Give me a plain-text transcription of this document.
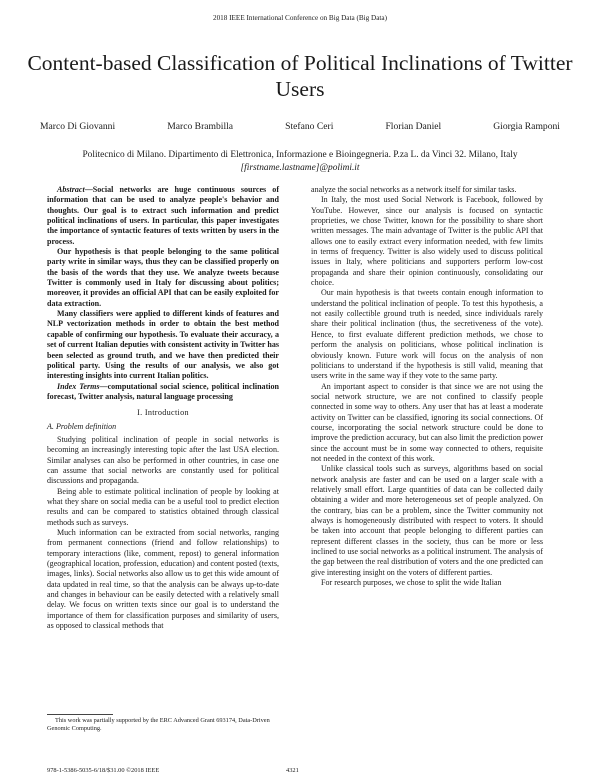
2018 IEEE International Conference on Big Data (Big Data)
Content-based Classification of Political Inclinations of Twitter Users
Marco Di Giovanni	Marco Brambilla	Stefano Ceri	Florian Daniel	Giorgia Ramponi
Politecnico di Milano. Dipartimento di Elettronica, Informazione e Bioingegneria. P.za L. da Vinci 32. Milano, Italy
[firstname.lastname]@polimi.it

Abstract—Social networks are huge continuous sources of information that can be used to analyze people's behavior and thoughts. Our goal is to extract such information and predict political inclinations of users. In particular, this paper investigates the importance of syntactic features of texts written by users in the process.

Our hypothesis is that people belonging to the same political party write in similar ways, thus they can be classified properly on the basis of the words that they use. We analyze tweets because Twitter is commonly used in Italy for discussing about politics; moreover, it provides an official API that can be easily exploited for data extraction.

Many classifiers were applied to different kinds of features and NLP vectorization methods in order to obtain the best method capable of confirming our hypothesis. To evaluate their accuracy, a set of current Italian deputies with consistent activity in Twitter has been selected as ground truth, and we have then predicted their political party. Using the results of our analysis, we also got interesting insights into current Italian politics.

Index Terms—computational social science, political inclination forecast, Twitter analysis, natural language processing

I. Introduction
A. Problem definition

Studying political inclination of people in social networks is becoming an increasingly interesting topic after the last USA election. Similar analyses can also be performed in other countries, in case one can assume that social networks are constantly used for political discussions and propaganda.

Being able to estimate political inclination of people by looking at what they share on social media can be a useful tool to predict election results and can be compared to statistics obtained through classical methods such as surveys.

Much information can be extracted from social networks, ranging from permanent connections (friend and follow relationships) to temporary interactions (like, comment, repost) to general information (geographical location, profession, education) and content posted (texts, images, links). Social networks also allow us to get this wide amount of data updated in real time, so that the analysis can be always up-to-date and changes in behaviour can be easily detected with a relatively small delay. We focus on written texts since our goal is to understand the importance of them for classification purposes and similarity of users, as opposed to classical methods that

analyze the social networks as a network itself for similar tasks.

In Italy, the most used Social Network is Facebook, followed by YouTube. However, since our analysis is focused on syntactic proprieties, we chose Twitter, known for the possibility to share short written messages. The main advantage of Twitter is the public API that allows one to easily extract every information needed, with few limits in terms of frequency. Twitter is also widely used to discuss political issues in Italy, where politicians and supporters perform low-cost propaganda and share their opinion continuously, consolidating our choice.

Our main hypothesis is that tweets contain enough information to understand the political inclination of people. To test this hypothesis, a not easily collectible ground truth is needed, since individuals rarely share their political inclination (thus, the secretiveness of the vote). Hence, to first evaluate different prediction methods, we chose to perform the analysis on politicians, whose political inclination is obviously known. Future work will focus on the analysis of non politicians to understand if the hypothesis is still valid, meaning that users write in the same way if they vote to the same party.

An important aspect to consider is that since we are not using the social network structure, we are not confined to classify people connected in some way to others. Any user that has at least a moderate activity on Twitter can be classified, ignoring its social connections. Of course, incorporating the social network structure could be done to improve the prediction accuracy, but can also limit the prediction power since the account must be in some way connected to others, requisite not needed in the context of this work.

Unlike classical tools such as surveys, algorithms based on social network analysis are faster and can be used on a larger scale with a relatively small effort. Large quantities of data can be collected daily obtaining a wider and more heterogeneous set of people analyzed. On the contrary, bias can be a problem, since the Twitter community not always is homogeneously distributed with respect to voters. It should be taken into account that people belonging to different parties can represent different classes in the society, thus can be more or less inclined to use social networks as a political instrument. The analysis of the gap between the real distribution of voters and the one predicted can give interesting insight on the voters of different parties.

For research purposes, we chose to split the wide Italian

This work was partially supported by the ERC Advanced Grant 693174, Data-Driven Genomic Computing.
978-1-5386-5035-6/18/$31.00 ©2018 IEEE	4321
